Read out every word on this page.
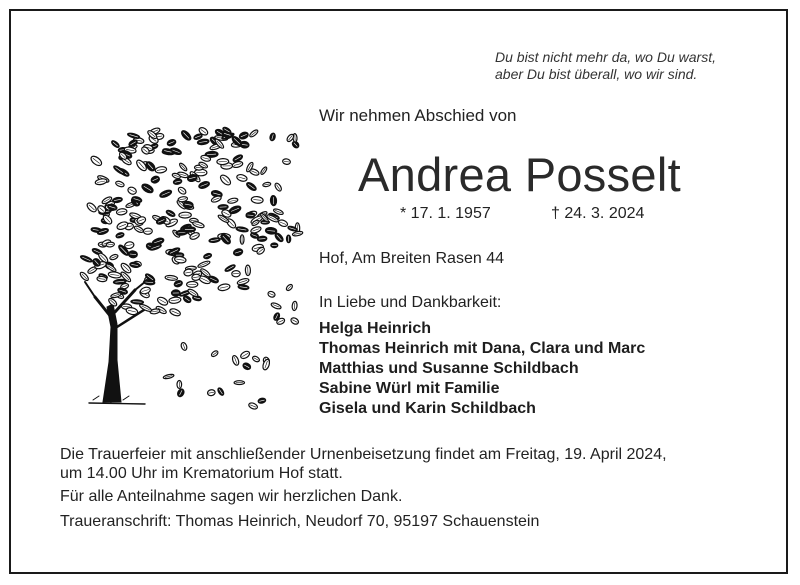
Du bist nicht mehr da, wo Du warst,
aber Du bist überall, wo wir sind.
Wir nehmen Abschied von
Andrea Posselt
* 17. 1. 1957	† 24. 3. 2024
Hof, Am Breiten Rasen 44
In Liebe und Dankbarkeit:
Helga Heinrich
Thomas Heinrich mit Dana, Clara und Marc
Matthias und Susanne Schildbach
Sabine Würl mit Familie
Gisela und Karin Schildbach
Die Trauerfeier mit anschließender Urnenbeisetzung findet am Freitag, 19. April 2024,
um 14.00 Uhr im Krematorium Hof statt.
Für alle Anteilnahme sagen wir herzlichen Dank.
Traueranschrift: Thomas Heinrich, Neudorf 70, 95197 Schauenstein
